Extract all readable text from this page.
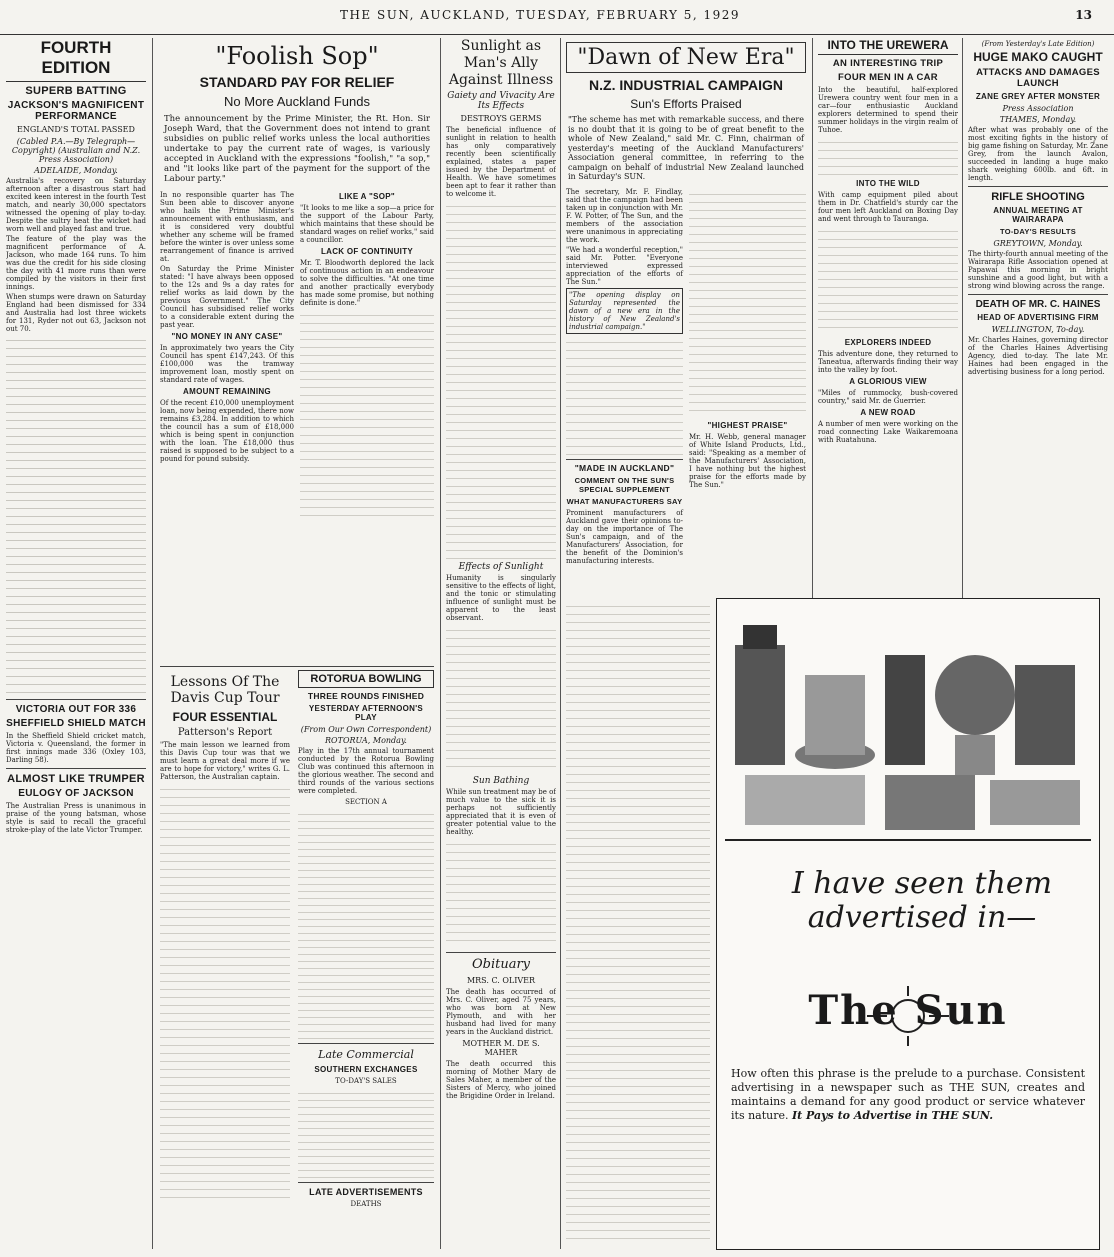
THE SUN, AUCKLAND, TUESDAY, FEBRUARY 5, 1929	13
FOURTH EDITION
SUPERB BATTING
JACKSON'S MAGNIFICENT PERFORMANCE
ENGLAND'S TOTAL PASSED
(Cabled P.A.—By Telegraph—Copyright) (Australian and N.Z. Press Association)
ADELAIDE, Monday.
Australia's recovery on Saturday afternoon after a disastrous start had excited keen interest in the fourth Test match, and nearly 30,000 spectators witnessed the opening of play to-day. Despite the sultry heat the wicket had worn well and played fast and true.
The feature of the play was the magnificent performance of A. Jackson, who made 164 runs. To him was due the credit for his side closing the day with 41 more runs than were compiled by the visitors in their first innings.
When stumps were drawn on Saturday England had been dismissed for 334 and Australia had lost three wickets for 131, Ryder not out 63, Jackson not out 70.
VICTORIA OUT FOR 336
SHEFFIELD SHIELD MATCH
In the Sheffield Shield cricket match, Victoria v. Queensland, the former in first innings made 336 (Oxley 103, Darling 58).
ALMOST LIKE TRUMPER
EULOGY OF JACKSON
The Australian Press is unanimous in praise of the young batsman, whose style is said to recall the graceful stroke-play of the late Victor Trumper.
"Foolish Sop"
STANDARD PAY FOR RELIEF
No More Auckland Funds
The announcement by the Prime Minister, the Rt. Hon. Sir Joseph Ward, that the Government does not intend to grant subsidies on public relief works unless the local authorities undertake to pay the current rate of wages, is variously accepted in Auckland with the expressions "foolish," "a sop," and "it looks like part of the payment for the support of the Labour party."
In no responsible quarter has The Sun been able to discover anyone who hails the Prime Minister's announcement with enthusiasm, and it is considered very doubtful whether any scheme will be framed before the winter is over unless some rearrangement of finance is arrived at.
On Saturday the Prime Minister stated: "I have always been opposed to the 12s and 9s a day rates for relief works as laid down by the previous Government." The City Council has subsidised relief works to a considerable extent during the past year.
"NO MONEY IN ANY CASE"
In approximately two years the City Council has spent £147,243. Of this £100,000 was the tramway improvement loan, mostly spent on standard rate of wages.
AMOUNT REMAINING
Of the recent £10,000 unemployment loan, now being expended, there now remains £3,284. In addition to which the council has a sum of £18,000 which is being spent in conjunction with the loan. The £18,000 thus raised is supposed to be subject to a pound for pound subsidy.
LIKE A "SOP"
"It looks to me like a sop—a price for the support of the Labour Party, which maintains that these should be standard wages on relief works," said a councillor.
LACK OF CONTINUITY
Mr. T. Bloodworth deplored the lack of continuous action in an endeavour to solve the difficulties. "At one time and another practically everybody has made some promise, but nothing definite is done."
Lessons Of The Davis Cup Tour
FOUR ESSENTIAL
Patterson's Report
"The main lesson we learned from this Davis Cup tour was that we must learn a great deal more if we are to hope for victory," writes G. L. Patterson, the Australian captain.
ROTORUA BOWLING
THREE ROUNDS FINISHED
YESTERDAY AFTERNOON'S PLAY
(From Our Own Correspondent)
ROTORUA, Monday.
Play in the 17th annual tournament conducted by the Rotorua Bowling Club was continued this afternoon in the glorious weather. The second and third rounds of the various sections were completed.
SECTION A
Late Commercial
SOUTHERN EXCHANGES
TO-DAY'S SALES
LATE ADVERTISEMENTS
DEATHS
Sunlight as
Man's Ally
Against Illness
Gaiety and Vivacity Are Its Effects
DESTROYS GERMS
The beneficial influence of sunlight in relation to health has only comparatively recently been scientifically explained, states a paper issued by the Department of Health. We have sometimes been apt to fear it rather than to welcome it.
Effects of Sunlight
Humanity is singularly sensitive to the effects of light, and the tonic or stimulating influence of sunlight must be apparent to the least observant.
Sun Bathing
While sun treatment may be of much value to the sick it is perhaps not sufficiently appreciated that it is even of greater potential value to the healthy.
Obituary
MRS. C. OLIVER
The death has occurred of Mrs. C. Oliver, aged 75 years, who was born at New Plymouth, and with her husband had lived for many years in the Auckland district.
MOTHER M. DE S. MAHER
The death occurred this morning of Mother Mary de Sales Maher, a member of the Sisters of Mercy, who joined the Brigidine Order in Ireland.
"Dawn of New Era"
N.Z. INDUSTRIAL CAMPAIGN
Sun's Efforts Praised
"The scheme has met with remarkable success, and there is no doubt that it is going to be of great benefit to the whole of New Zealand," said Mr. C. Finn, chairman of yesterday's meeting of the Auckland Manufacturers' Association general committee, in referring to the campaign on behalf of industrial New Zealand launched in Saturday's SUN.
The secretary, Mr. F. Findlay, said that the campaign had been taken up in conjunction with Mr. F. W. Potter, of The Sun, and the members of the association were unanimous in appreciating the work.
"We had a wonderful reception," said Mr. Potter. "Everyone interviewed expressed appreciation of the efforts of The Sun."
"The opening display on Saturday represented the dawn of a new era in the history of New Zealand's industrial campaign."
"MADE IN AUCKLAND"
COMMENT ON THE SUN'S SPECIAL SUPPLEMENT
WHAT MANUFACTURERS SAY
Prominent manufacturers of Auckland gave their opinions to-day on the importance of The Sun's campaign, and of the Manufacturers' Association, for the benefit of the Dominion's manufacturing interests.
"HIGHEST PRAISE"
Mr. H. Webb, general manager of White Island Products, Ltd., said: "Speaking as a member of the Manufacturers' Association, I have nothing but the highest praise for the efforts made by The Sun."
INTO THE UREWERA
AN INTERESTING TRIP
FOUR MEN IN A CAR
Into the beautiful, half-explored Urewera country went four men in a car—four enthusiastic Auckland explorers determined to spend their summer holidays in the virgin realm of Tuhoe.
INTO THE WILD
With camp equipment piled about them in Dr. Chatfield's sturdy car the four men left Auckland on Boxing Day and went through to Tauranga.
EXPLORERS INDEED
This adventure done, they returned to Taneatua, afterwards finding their way into the valley by foot.
A GLORIOUS VIEW
"Miles of rummocky, bush-covered country," said Mr. de Guerrier.
A NEW ROAD
A number of men were working on the road connecting Lake Waikaremoana with Ruatahuna.
(From Yesterday's Late Edition)
HUGE MAKO CAUGHT
ATTACKS AND DAMAGES LAUNCH
ZANE GREY AFTER MONSTER
Press Association
THAMES, Monday.
After what was probably one of the most exciting fights in the history of big game fishing on Saturday, Mr. Zane Grey, from the launch Avalon, succeeded in landing a huge mako shark weighing 600lb. and 6ft. in length.
RIFLE SHOOTING
ANNUAL MEETING AT WAIRARAPA
TO-DAY'S RESULTS
GREYTOWN, Monday.
The thirty-fourth annual meeting of the Wairarapa Rifle Association opened at Papawai this morning in bright sunshine and a good light, but with a strong wind blowing across the range.
DEATH OF MR. C. HAINES
HEAD OF ADVERTISING FIRM
WELLINGTON, To-day.
Mr. Charles Haines, governing director of the Charles Haines Advertising Agency, died to-day. The late Mr. Haines had been engaged in the advertising business for a long period.
I have seen them advertised in—
The Sun
How often this phrase is the prelude to a purchase. Consistent advertising in a newspaper such as THE SUN, creates and maintains a demand for any good product or service whatever its nature. It Pays to Advertise in THE SUN.
